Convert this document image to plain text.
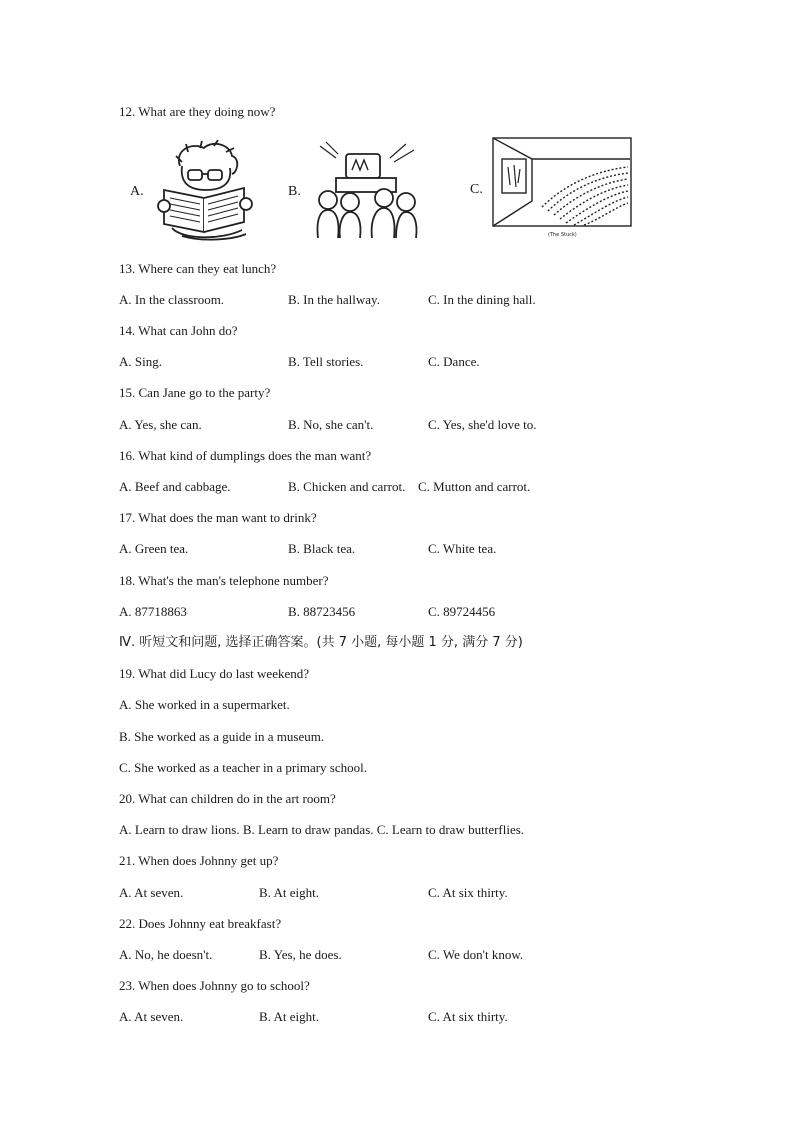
12. What are they doing now?
A.	B.	C.
(The Stuck)
13. Where can they eat lunch?
A. In the classroom.	B. In the hallway.	C. In the dining hall.
14. What can John do?
A. Sing.	B. Tell stories.	C. Dance.
15. Can Jane go to the party?
A. Yes, she can.	B. No, she can't.	C. Yes, she'd love to.
16. What kind of dumplings does the man want?
A. Beef and cabbage.	B. Chicken and carrot. C. Mutton and carrot.
17. What does the man want to drink?
A. Green tea.	B. Black tea.	C. White tea.
18. What's the man's telephone number?
A. 87718863	B. 88723456	C. 89724456
Ⅳ. 听短文和问题, 选择正确答案。(共 7 小题, 每小题 1 分, 满分 7 分)
19. What did Lucy do last weekend?
A. She worked in a supermarket.
B. She worked as a guide in a museum.
C. She worked as a teacher in a primary school.
20. What can children do in the art room?
A. Learn to draw lions. B. Learn to draw pandas. C. Learn to draw butterflies.
21. When does Johnny get up?
A. At seven.	B. At eight.	C. At six thirty.
22. Does Johnny eat breakfast?
A. No, he doesn't.	B. Yes, he does.	C. We don't know.
23. When does Johnny go to school?
A. At seven.	B. At eight.	C. At six thirty.
